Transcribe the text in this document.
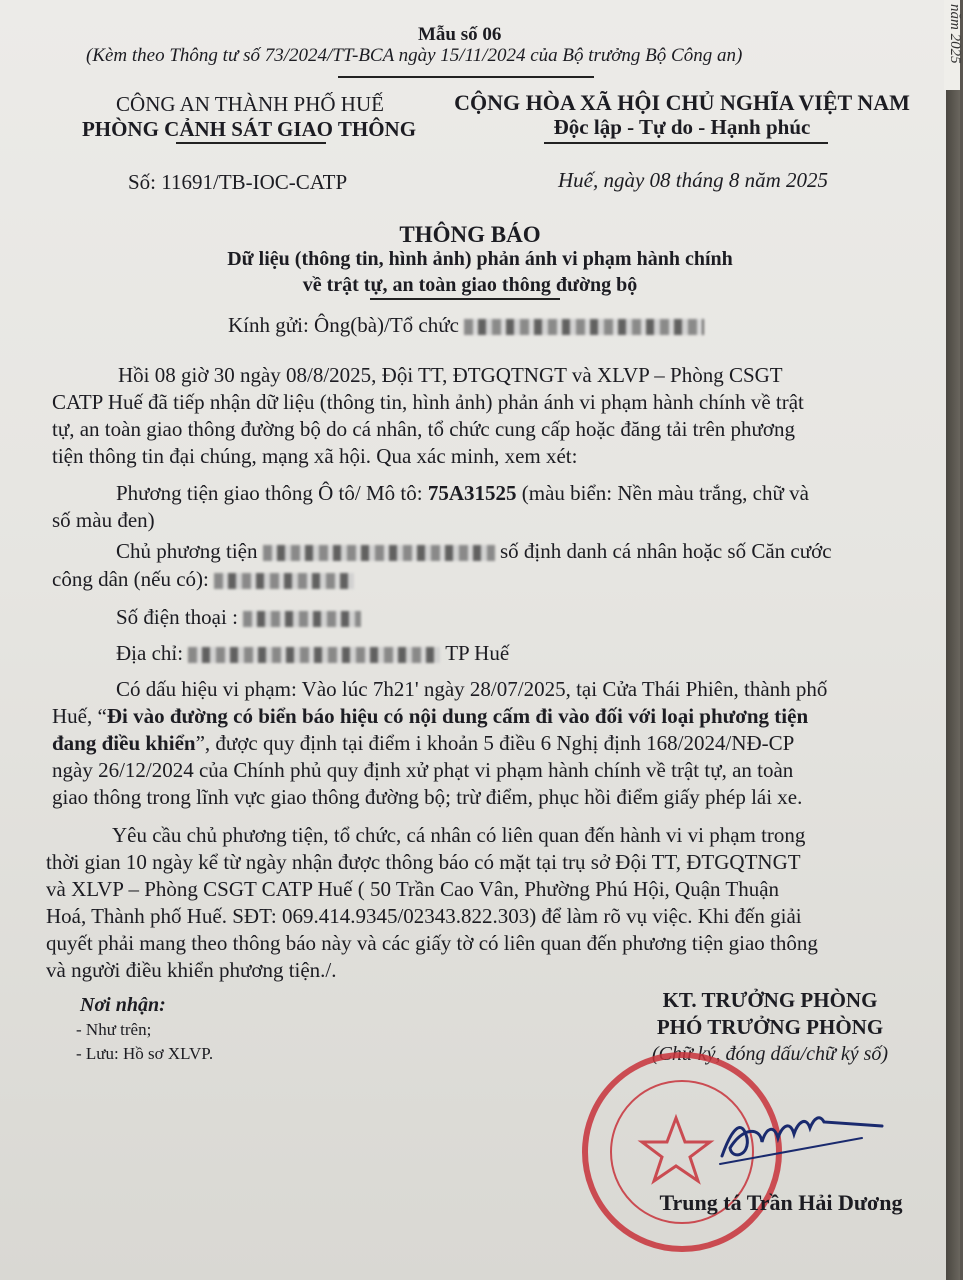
Mẫu số 06
(Kèm theo Thông tư số 73/2024/TT-BCA ngày 15/11/2024 của Bộ trưởng Bộ Công an)
CÔNG AN THÀNH PHỐ HUẾ
PHÒNG CẢNH SÁT GIAO THÔNG
CỘNG HÒA XÃ HỘI CHỦ NGHĨA VIỆT NAM
Độc lập - Tự do - Hạnh phúc
Số: 11691/TB-IOC-CATP	Huế, ngày 08 tháng 8 năm 2025
THÔNG BÁO
Dữ liệu (thông tin, hình ảnh) phản ánh vi phạm hành chính
về trật tự, an toàn giao thông đường bộ
Kính gửi: Ông(bà)/Tổ chức
Hồi 08 giờ 30 ngày 08/8/2025, Đội TT, ĐTGQTNGT và XLVP – Phòng CSGT
CATP Huế đã tiếp nhận dữ liệu (thông tin, hình ảnh) phản ánh vi phạm hành chính về trật
tự, an toàn giao thông đường bộ do cá nhân, tổ chức cung cấp hoặc đăng tải trên phương
tiện thông tin đại chúng, mạng xã hội. Qua xác minh, xem xét:
Phương tiện giao thông Ô tô/ Mô tô: 75A31525 (màu biển: Nền màu trắng, chữ và
số màu đen)
Chủ phương tiện	số định danh cá nhân hoặc số Căn cước
công dân (nếu có):
Số điện thoại :
Địa chỉ:	TP Huế
Có dấu hiệu vi phạm: Vào lúc 7h21' ngày 28/07/2025, tại Cửa Thái Phiên, thành phố
Huế, “Đi vào đường có biển báo hiệu có nội dung cấm đi vào đối với loại phương tiện
đang điều khiển”, được quy định tại điểm i khoản 5 điều 6 Nghị định 168/2024/NĐ-CP
ngày 26/12/2024 của Chính phủ quy định xử phạt vi phạm hành chính về trật tự, an toàn
giao thông trong lĩnh vực giao thông đường bộ; trừ điểm, phục hồi điểm giấy phép lái xe.
Yêu cầu chủ phương tiện, tổ chức, cá nhân có liên quan đến hành vi vi phạm trong
thời gian 10 ngày kể từ ngày nhận được thông báo có mặt tại trụ sở Đội TT, ĐTGQTNGT
và XLVP – Phòng CSGT CATP Huế ( 50 Trần Cao Vân, Phường Phú Hội, Quận Thuận
Hoá, Thành phố Huế. SĐT: 069.414.9345/02343.822.303) để làm rõ vụ việc. Khi đến giải
quyết phải mang theo thông báo này và các giấy tờ có liên quan đến phương tiện giao thông
và người điều khiển phương tiện./.
Nơi nhận:
- Như trên;
- Lưu: Hồ sơ XLVP.
KT. TRƯỞNG PHÒNG
PHÓ TRƯỞNG PHÒNG
(Chữ ký, đóng dấu/chữ ký số)
Trung tá Trần Hải Dương
năm 2025
